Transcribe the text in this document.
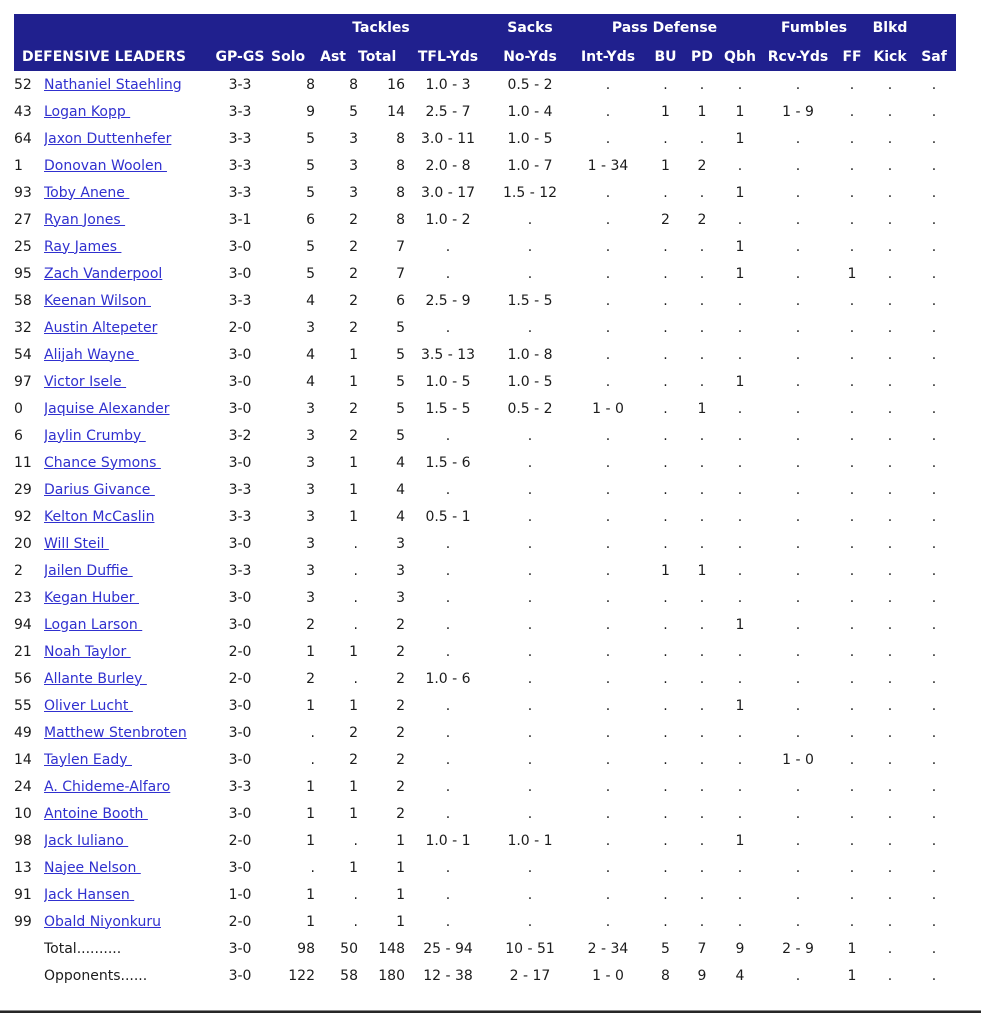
			Tackles				Sacks	Pass Defense				Fumbles		Blkd	
DEFENSIVE LEADERS		GP-GS	Solo	Ast	Total	TFL-Yds	No-Yds	Int-Yds	BU	PD	Qbh	Rcv-Yds	FF	Kick	Saf
52	Nathaniel Staehling	3-3	8	8	16	1.0 - 3	0.5 - 2	.	.	.	.	.	.	.	.
43	Logan Kopp	3-3	9	5	14	2.5 - 7	1.0 - 4	.	1	1	1	1 - 9	.	.	.
64	Jaxon Duttenhefer	3-3	5	3	8	3.0 - 11	1.0 - 5	.	.	.	1	.	.	.	.
1	Donovan Woolen	3-3	5	3	8	2.0 - 8	1.0 - 7	1 - 34	1	2	.	.	.	.	.
93	Toby Anene	3-3	5	3	8	3.0 - 17	1.5 - 12	.	.	.	1	.	.	.	.
27	Ryan Jones	3-1	6	2	8	1.0 - 2	.	.	2	2	.	.	.	.	.
25	Ray James	3-0	5	2	7	.	.	.	.	.	1	.	.	.	.
95	Zach Vanderpool	3-0	5	2	7	.	.	.	.	.	1	.	1	.	.
58	Keenan Wilson	3-3	4	2	6	2.5 - 9	1.5 - 5	.	.	.	.	.	.	.	.
32	Austin Altepeter	2-0	3	2	5	.	.	.	.	.	.	.	.	.	.
54	Alijah Wayne	3-0	4	1	5	3.5 - 13	1.0 - 8	.	.	.	.	.	.	.	.
97	Victor Isele	3-0	4	1	5	1.0 - 5	1.0 - 5	.	.	.	1	.	.	.	.
0	Jaquise Alexander	3-0	3	2	5	1.5 - 5	0.5 - 2	1 - 0	.	1	.	.	.	.	.
6	Jaylin Crumby	3-2	3	2	5	.	.	.	.	.	.	.	.	.	.
11	Chance Symons	3-0	3	1	4	1.5 - 6	.	.	.	.	.	.	.	.	.
29	Darius Givance	3-3	3	1	4	.	.	.	.	.	.	.	.	.	.
92	Kelton McCaslin	3-3	3	1	4	0.5 - 1	.	.	.	.	.	.	.	.	.
20	Will Steil	3-0	3	.	3	.	.	.	.	.	.	.	.	.	.
2	Jailen Duffie	3-3	3	.	3	.	.	.	1	1	.	.	.	.	.
23	Kegan Huber	3-0	3	.	3	.	.	.	.	.	.	.	.	.	.
94	Logan Larson	3-0	2	.	2	.	.	.	.	.	1	.	.	.	.
21	Noah Taylor	2-0	1	1	2	.	.	.	.	.	.	.	.	.	.
56	Allante Burley	2-0	2	.	2	1.0 - 6	.	.	.	.	.	.	.	.	.
55	Oliver Lucht	3-0	1	1	2	.	.	.	.	.	1	.	.	.	.
49	Matthew Stenbroten	3-0	.	2	2	.	.	.	.	.	.	.	.	.	.
14	Taylen Eady	3-0	.	2	2	.	.	.	.	.	.	1 - 0	.	.	.
24	A. Chideme-Alfaro	3-3	1	1	2	.	.	.	.	.	.	.	.	.	.
10	Antoine Booth	3-0	1	1	2	.	.	.	.	.	.	.	.	.	.
98	Jack Iuliano	2-0	1	.	1	1.0 - 1	1.0 - 1	.	.	.	1	.	.	.	.
13	Najee Nelson	3-0	.	1	1	.	.	.	.	.	.	.	.	.	.
91	Jack Hansen	1-0	1	.	1	.	.	.	.	.	.	.	.	.	.
99	Obald Niyonkuru	2-0	1	.	1	.	.	.	.	.	.	.	.	.	.
	Total..........	3-0	98	50	148	25 - 94	10 - 51	2 - 34	5	7	9	2 - 9	1	.	.
	Opponents......	3-0	122	58	180	12 - 38	2 - 17	1 - 0	8	9	4	.	1	.	.
